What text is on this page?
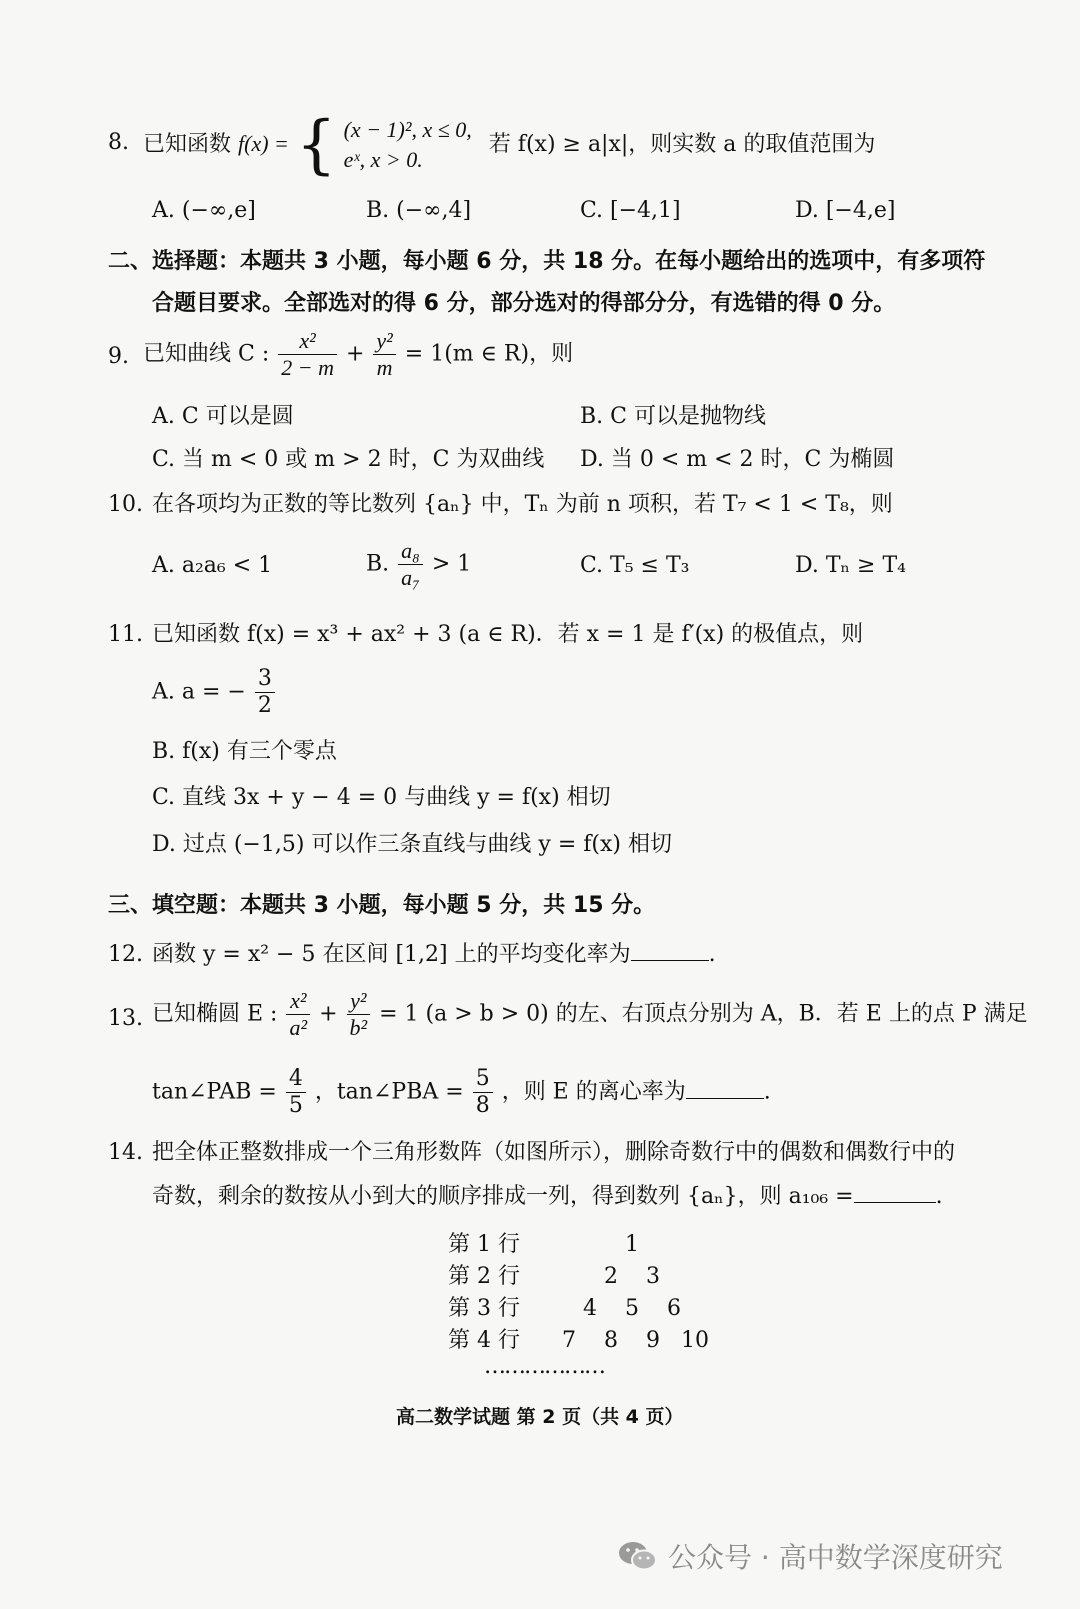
8. 已知函数 f(x) = { (x − 1)², x ≤ 0,
eˣ, x > 0.
若 f(x) ≥ a|x|，则实数 a 的取值范围为
A. (−∞,e]	B. (−∞,4]	C. [−4,1]	D. [−4,e]
二、选择题：本题共 3 小题，每小题 6 分，共 18 分。在每小题给出的选项中，有多项符
合题目要求。全部选对的得 6 分，部分选对的得部分分，有选错的得 0 分。
9. 已知曲线 C : $\frac{\text{x²}}{2 - m} + \frac{\text{y²}}{m} = 1(m$ ∈ R)，则
A. C 可以是圆	B. C 可以是抛物线
C. 当 m < 0 或 m > 2 时，C 为双曲线 D. 当 0 < m < 2 时，C 为椭圆
10. 在各项均为正数的等比数列 {aₙ} 中，Tₙ 为前 n 项积，若 T₇ < 1 < T₈，则
A. a₂a₆ < 1	B. $\frac{\text{a₈}}{\text{a₇}} > 1$	C. T₅ ≤ T₃	D. Tₙ ≥ T₄
11. 已知函数 f(x) = x³ + ax² + 3 (a ∈ R)．若 x = 1 是 f′(x) 的极值点，则
A. a = − $\frac{3}{2}$
B. f(x) 有三个零点
C. 直线 3x + y − 4 = 0 与曲线 y = f(x) 相切
D. 过点 (−1,5) 可以作三条直线与曲线 y = f(x) 相切
三、填空题：本题共 3 小题，每小题 5 分，共 15 分。
12. 函数 y = x² − 5 在区间 [1,2] 上的平均变化率为	.
13. 已知椭圆 E : $\frac{\text{x²}}{\text{a²}} + \frac{\text{y²}}{\text{b²}} = 1$ (a > b > 0) 的左、右顶点分别为 A，B．若 E 上的点 P 满足
tan∠PAB = $\frac{4}{5}$ ，tan∠PBA = $\frac{5}{8}$ ，则 E 的离心率为	.
14. 把全体正整数排成一个三角形数阵（如图所示），删除奇数行中的偶数和偶数行中的
奇数，剩余的数按从小到大的顺序排成一列，得到数列 {aₙ}，则 a₁₀₆ =	.
第 1 行	1
第 2 行	2 3
第 3 行	4 5 6
第 4 行 7 8 9 10
………………
高二数学试题 第 2 页（共 4 页）
公众号 · 高中数学深度研究
